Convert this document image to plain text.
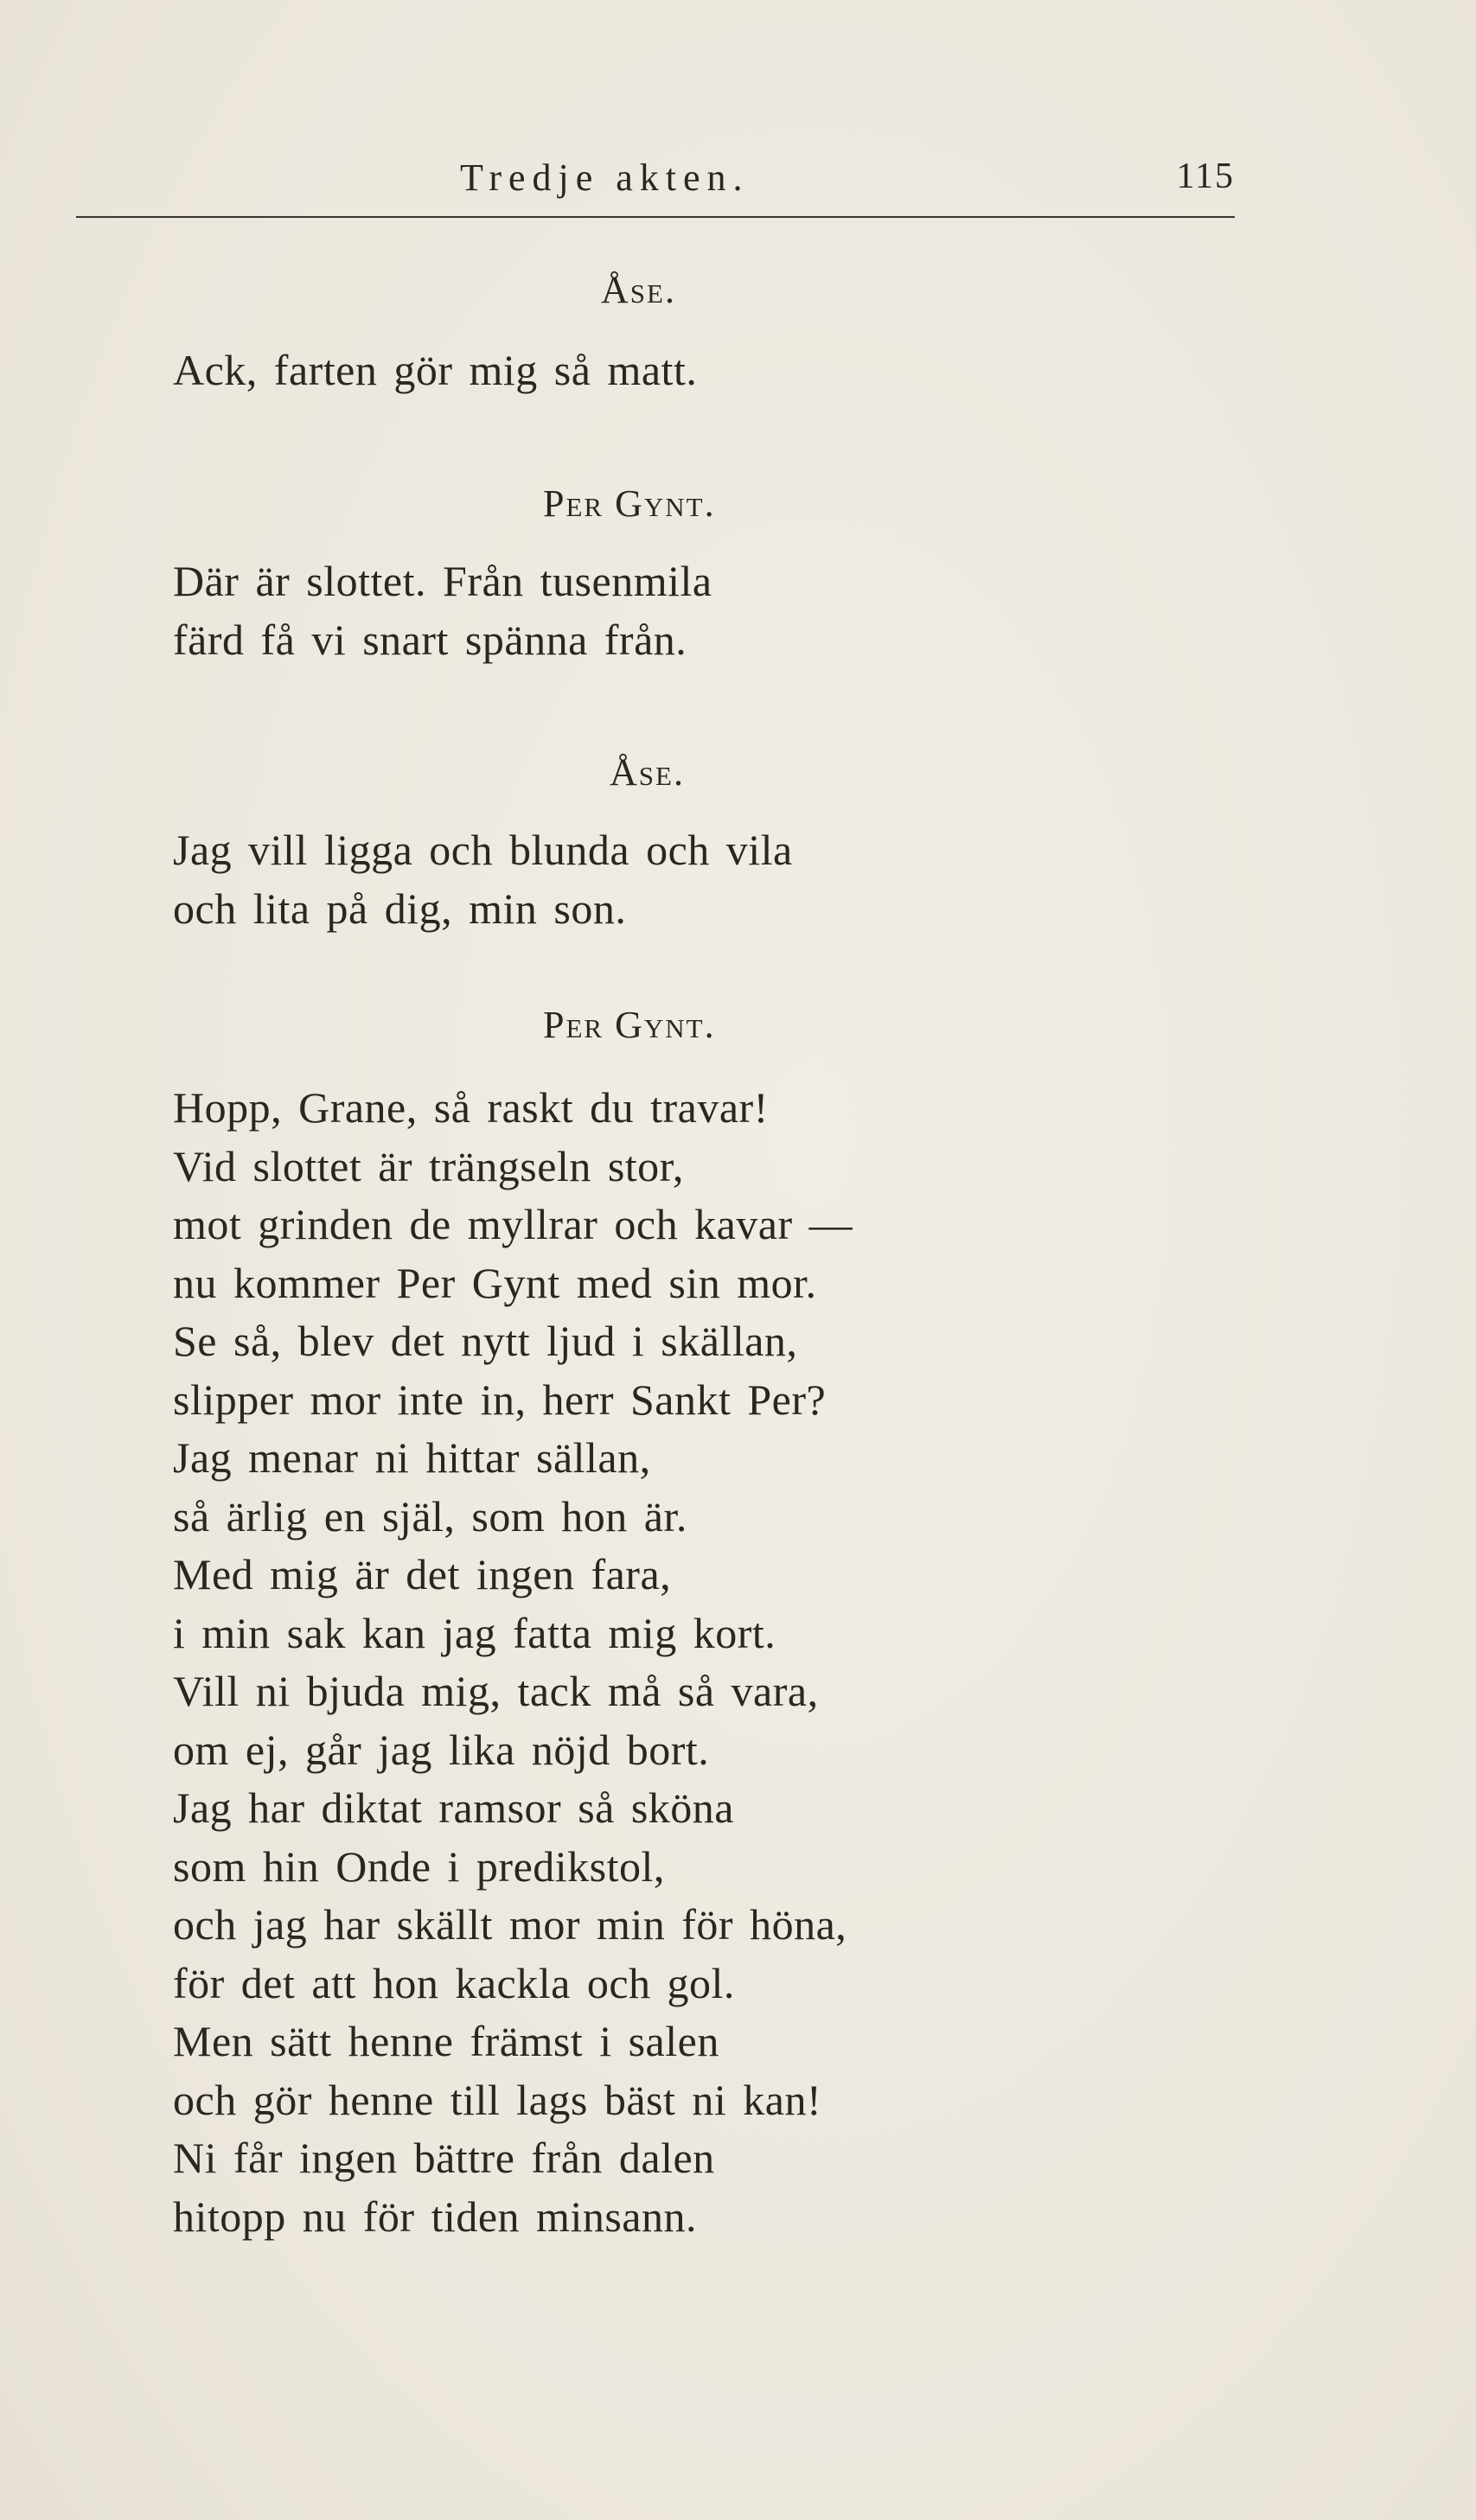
Tredje akten.	115
Åse.
Ack, farten gör mig så matt.
Per Gynt.
Där är slottet. Från tusenmila
färd få vi snart spänna från.
Åse.
Jag vill ligga och blunda och vila
och lita på dig, min son.
Per Gynt.
Hopp, Grane, så raskt du travar!
Vid slottet är trängseln stor,
mot grinden de myllrar och kavar —
nu kommer Per Gynt med sin mor.
Se så, blev det nytt ljud i skällan,
slipper mor inte in, herr Sankt Per?
Jag menar ni hittar sällan,
så ärlig en själ, som hon är.
Med mig är det ingen fara,
i min sak kan jag fatta mig kort.
Vill ni bjuda mig, tack må så vara,
om ej, går jag lika nöjd bort.
Jag har diktat ramsor så sköna
som hin Onde i predikstol,
och jag har skällt mor min för höna,
för det att hon kackla och gol.
Men sätt henne främst i salen
och gör henne till lags bäst ni kan!
Ni får ingen bättre från dalen
hitopp nu för tiden minsann.
